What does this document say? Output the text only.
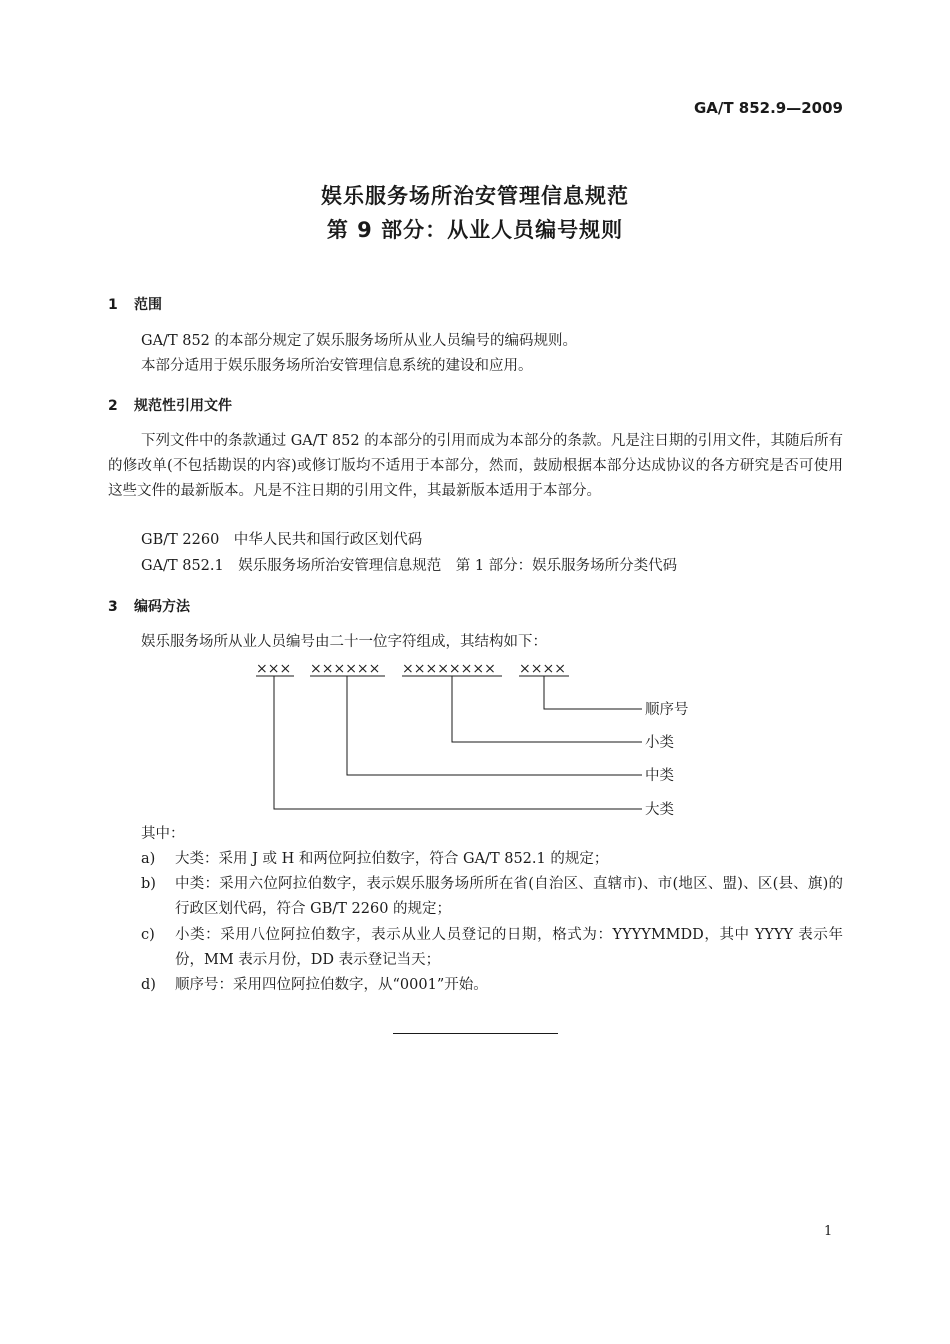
GA/T 852.9—2009
娱乐服务场所治安管理信息规范
第 9 部分：从业人员编号规则
1 范围
GA/T 852 的本部分规定了娱乐服务场所从业人员编号的编码规则。
本部分适用于娱乐服务场所治安管理信息系统的建设和应用。
2 规范性引用文件
下列文件中的条款通过 GA/T 852 的本部分的引用而成为本部分的条款。凡是注日期的引用文件，其随后所有的修改单(不包括勘误的内容)或修订版均不适用于本部分，然而，鼓励根据本部分达成协议的各方研究是否可使用这些文件的最新版本。凡是不注日期的引用文件，其最新版本适用于本部分。
GB/T 2260　中华人民共和国行政区划代码
GA/T 852.1　娱乐服务场所治安管理信息规范　第 1 部分：娱乐服务场所分类代码
3 编码方法
娱乐服务场所从业人员编号由二十一位字符组成，其结构如下：
××× ×××××× ×××××××× ××××
顺序号
小类
中类
大类
其中：
a) 大类：采用 J 或 H 和两位阿拉伯数字，符合 GA/T 852.1 的规定；
b) 中类：采用六位阿拉伯数字，表示娱乐服务场所所在省(自治区、直辖市)、市(地区、盟)、区(县、旗)的行政区划代码，符合 GB/T 2260 的规定；
c) 小类：采用八位阿拉伯数字，表示从业人员登记的日期，格式为：YYYYMMDD，其中 YYYY 表示年份，MM 表示月份，DD 表示登记当天；
d) 顺序号：采用四位阿拉伯数字，从“0001”开始。
1
